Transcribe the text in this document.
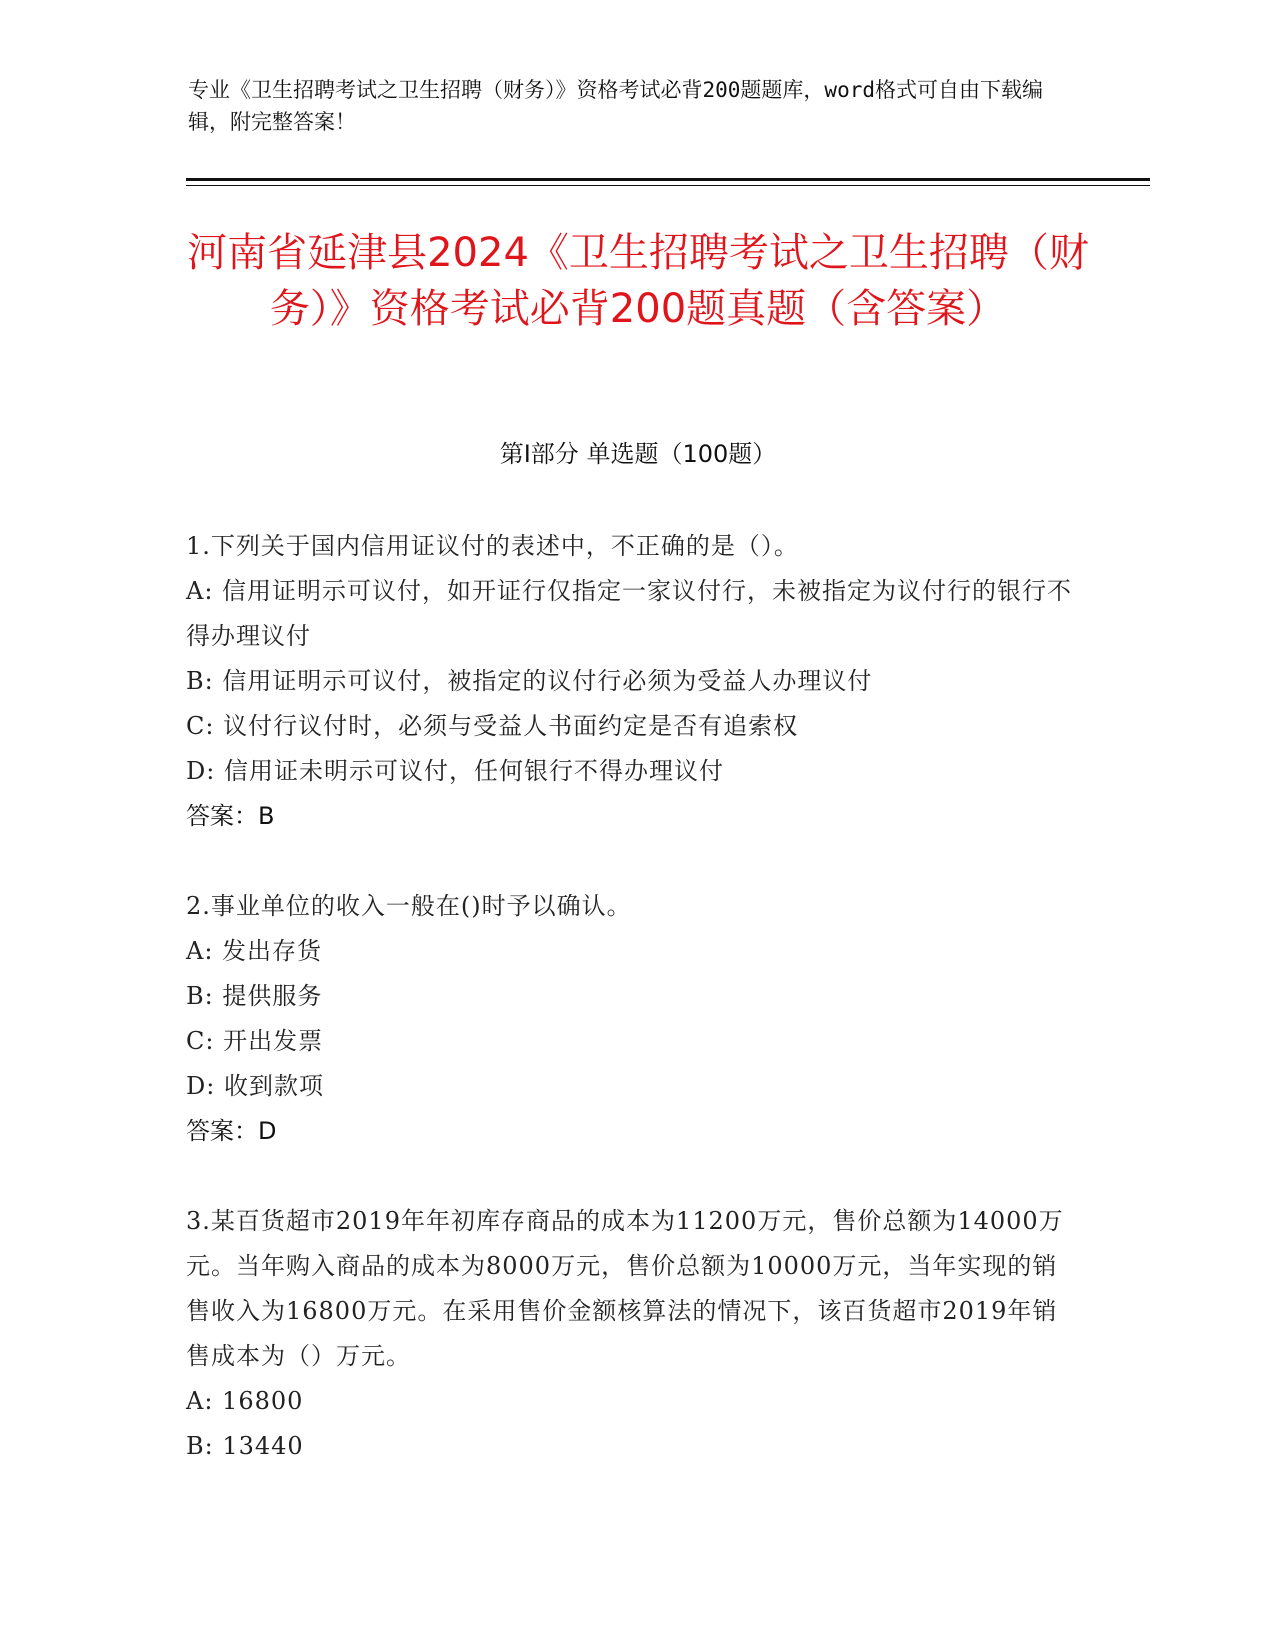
专业《卫生招聘考试之卫生招聘（财务）》资格考试必背200题题库，word格式可自由下载编辑，附完整答案！
河南省延津县2024《卫生招聘考试之卫生招聘（财务）》资格考试必背200题真题（含答案）
第I部分 单选题（100题）

1.下列关于国内信用证议付的表述中，不正确的是（）。

A: 信用证明示可议付，如开证行仅指定一家议付行，未被指定为议付行的银行不得办理议付

B: 信用证明示可议付，被指定的议付行必须为受益人办理议付

C: 议付行议付时，必须与受益人书面约定是否有追索权

D: 信用证未明示可议付，任何银行不得办理议付

答案：B

2.事业单位的收入一般在()时予以确认。

A: 发出存货

B: 提供服务

C: 开出发票

D: 收到款项

答案：D

3.某百货超市2019年年初库存商品的成本为11200万元，售价总额为14000万元。当年购入商品的成本为8000万元，售价总额为10000万元，当年实现的销售收入为16800万元。在采用售价金额核算法的情况下，该百货超市2019年销售成本为（）万元。

A: 16800

B: 13440
